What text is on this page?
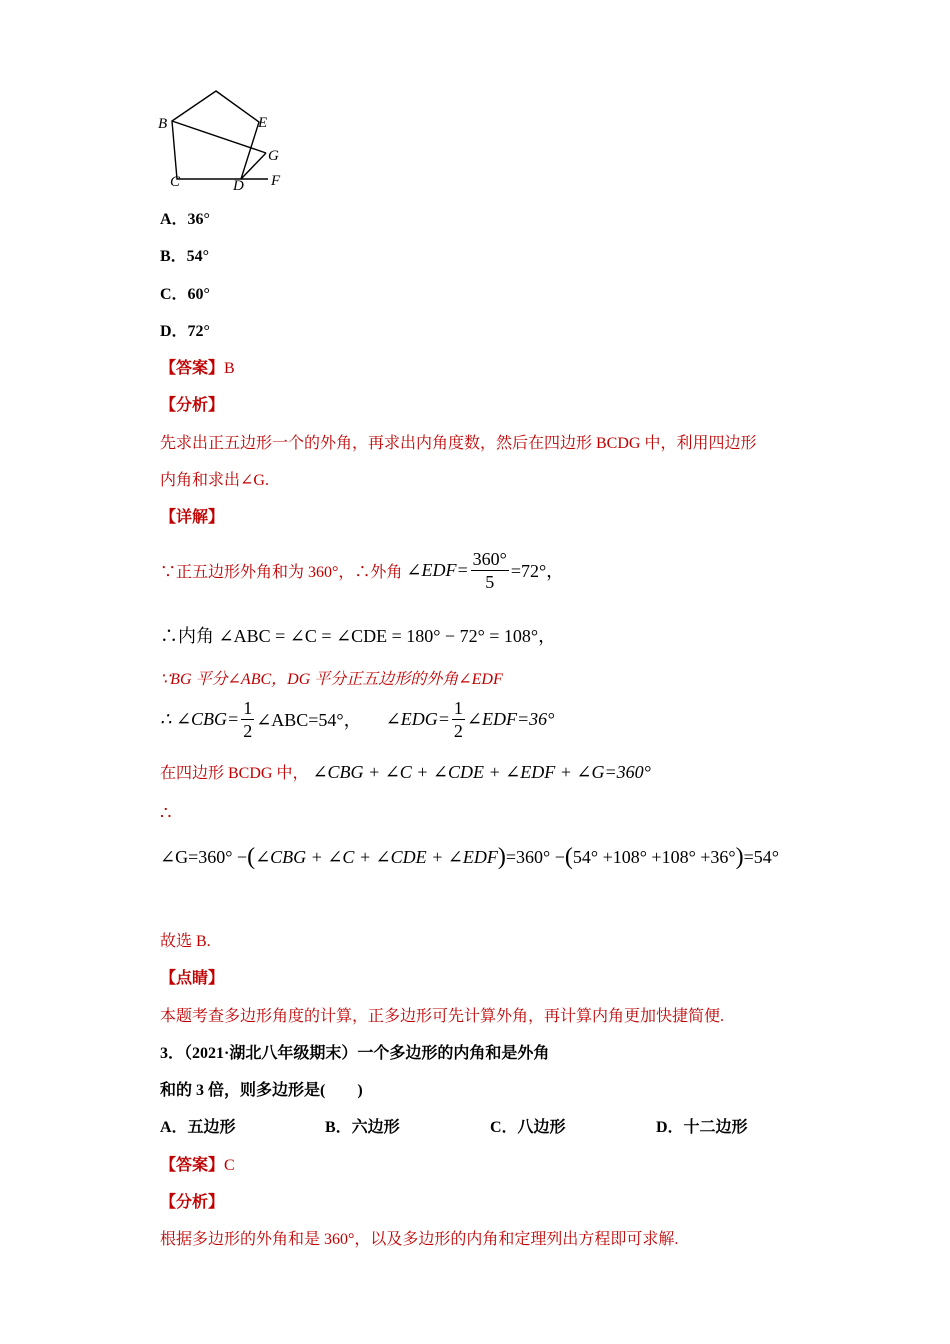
B	E
G
C	D F
A．36°
B．54°
C．60°
D．72°
【答案】B
【分析】
先求出正五边形一个的外角，再求出内角度数，然后在四边形 BCDG 中，利用四边形
内角和求出∠G.
【详解】
∵正五边形外角和为 360°，∴外角 ∠EDF= $\frac{360^\circ}{5} =72^\circ$，
∴内角 ∠ABC = ∠C = ∠CDE = 180° − 72° = 108°，
∵BG 平分∠ABC，DG 平分正五边形的外角∠EDF
∴ ∠CBG= $\frac{1}{2}$ ∠ABC=54°， ∠EDG= $\frac{1}{2}$ ∠EDF=36°
在四边形 BCDG 中， ∠CBG + ∠C + ∠CDE + ∠EDF + ∠G=360°
∴
∠G=360° −(∠CBG + ∠C + ∠CDE + ∠EDF)=360° −(54° +108° +108° +36°)=54°
故选 B.
【点睛】
本题考查多边形角度的计算，正多边形可先计算外角，再计算内角更加快捷简便.
3．（2021·湖北八年级期末）一个多边形的内角和是外角
和的 3 倍，则多边形是(　　)
A．五边形	B．六边形	C．八边形	D．十二边形
【答案】C
【分析】
根据多边形的外角和是 360°，以及多边形的内角和定理列出方程即可求解.
